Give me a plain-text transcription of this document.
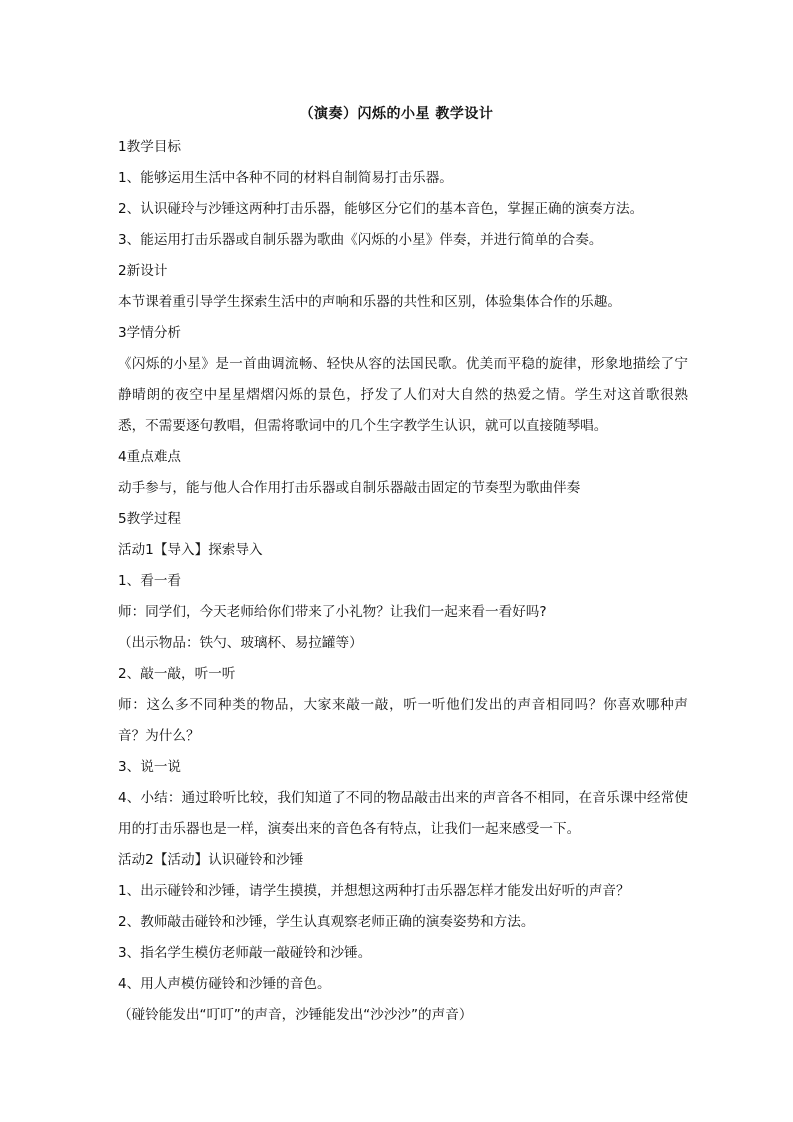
（演奏）闪烁的小星 教学设计
1教学目标
1、能够运用生活中各种不同的材料自制简易打击乐器。
2、认识碰玲与沙锤这两种打击乐器，能够区分它们的基本音色，掌握正确的演奏方法。
3、能运用打击乐器或自制乐器为歌曲《闪烁的小星》伴奏，并进行简单的合奏。
2新设计
本节课着重引导学生探索生活中的声响和乐器的共性和区别，体验集体合作的乐趣。
3学情分析
《闪烁的小星》是一首曲调流畅、轻快从容的法国民歌。优美而平稳的旋律，形象地描绘了宁静晴朗的夜空中星星熠熠闪烁的景色，抒发了人们对大自然的热爱之情。学生对这首歌很熟悉，不需要逐句教唱，但需将歌词中的几个生字教学生认识，就可以直接随琴唱。
4重点难点
动手参与，能与他人合作用打击乐器或自制乐器敲击固定的节奏型为歌曲伴奏
5教学过程
活动1【导入】探索导入
1、看一看
师：同学们，今天老师给你们带来了小礼物？让我们一起来看一看好吗?
（出示物品：铁勺、玻璃杯、易拉罐等）
2、敲一敲，听一听
师：这么多不同种类的物品，大家来敲一敲，听一听他们发出的声音相同吗？你喜欢哪种声音？为什么？
3、说一说
4、小结：通过聆听比较，我们知道了不同的物品敲击出来的声音各不相同，在音乐课中经常使用的打击乐器也是一样，演奏出来的音色各有特点，让我们一起来感受一下。
活动2【活动】认识碰铃和沙锤
1、出示碰铃和沙锤，请学生摸摸，并想想这两种打击乐器怎样才能发出好听的声音？
2、教师敲击碰铃和沙锤，学生认真观察老师正确的演奏姿势和方法。
3、指名学生模仿老师敲一敲碰铃和沙锤。
4、用人声模仿碰铃和沙锤的音色。
（碰铃能发出“叮叮”的声音，沙锤能发出“沙沙沙”的声音）
